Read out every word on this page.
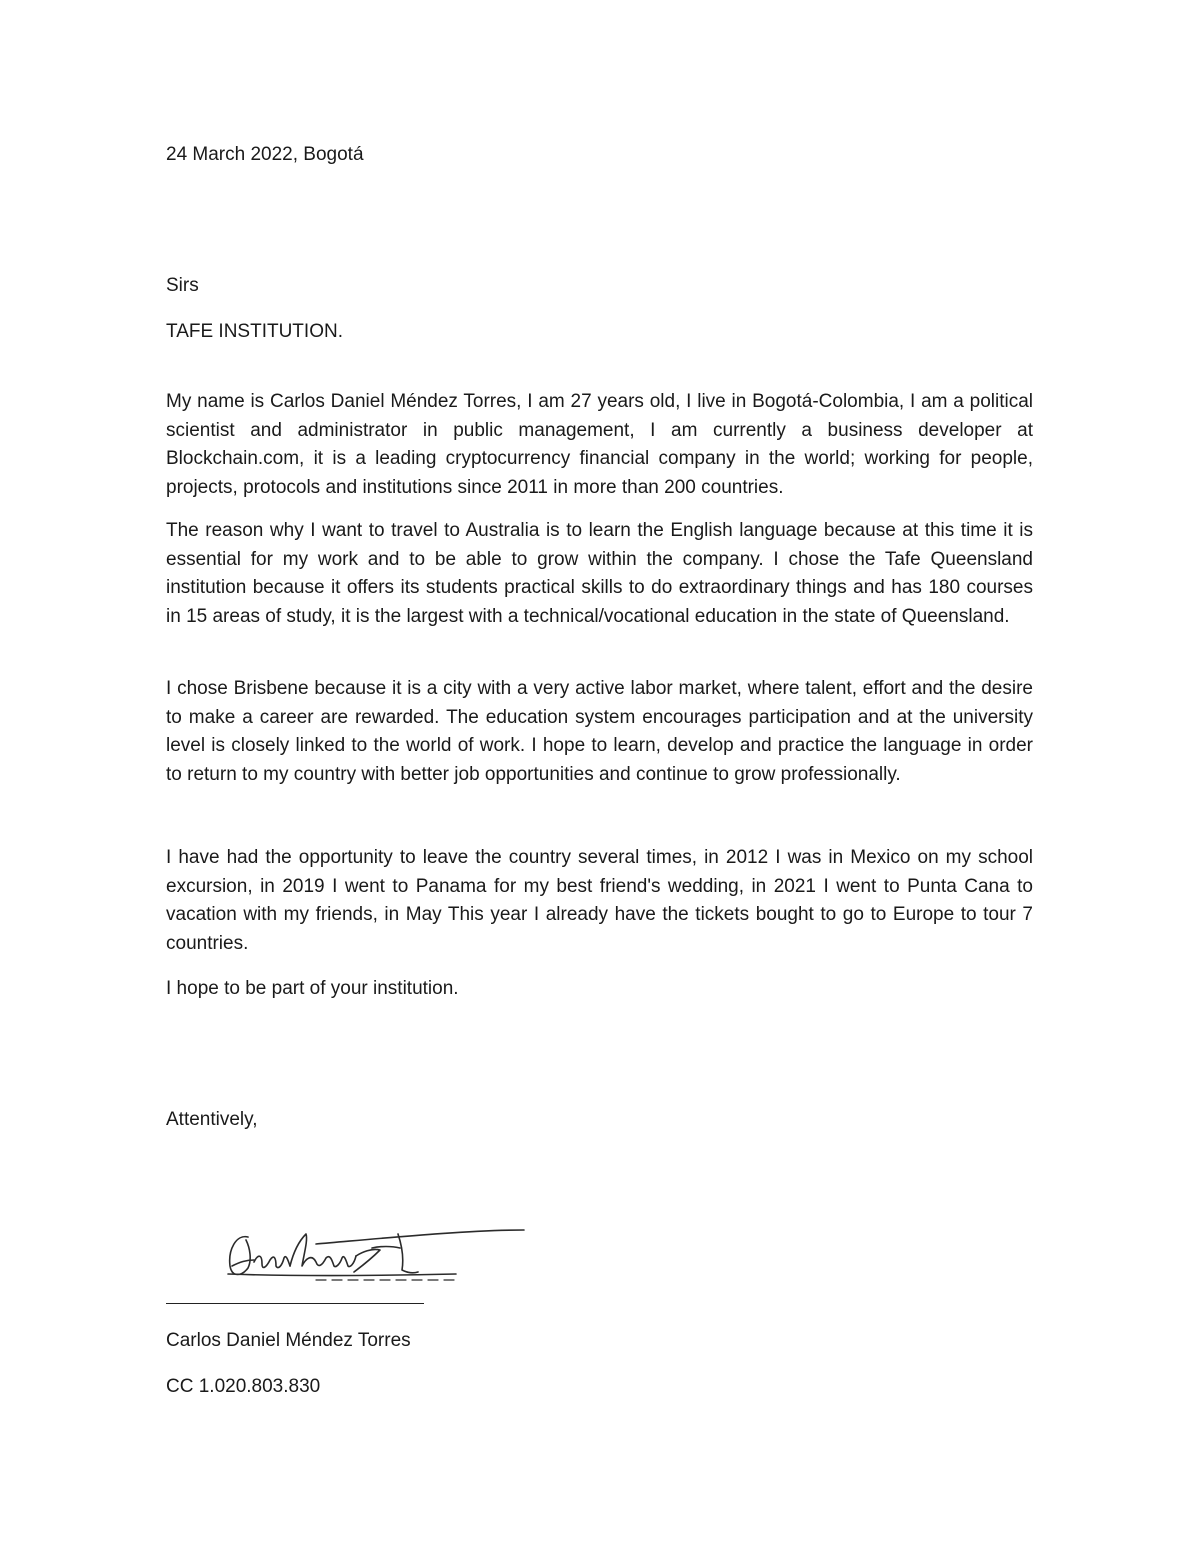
24 March 2022, Bogotá
Sirs
TAFE INSTITUTION.
My name is Carlos Daniel Méndez Torres, I am 27 years old, I live in Bogotá-Colombia, I am a political scientist and administrator in public management, I am currently a business developer at Blockchain.com, it is a leading cryptocurrency financial company in the world; working for people, projects, protocols and institutions since 2011 in more than 200 countries.
The reason why I want to travel to Australia is to learn the English language because at this time it is essential for my work and to be able to grow within the company. I chose the Tafe Queensland institution because it offers its students practical skills to do extraordinary things and has 180 courses in 15 areas of study, it is the largest with a technical/vocational education in the state of Queensland.
I chose Brisbene because it is a city with a very active labor market, where talent, effort and the desire to make a career are rewarded. The education system encourages participation and at the university level is closely linked to the world of work. I hope to learn, develop and practice the language in order to return to my country with better job opportunities and continue to grow professionally.
I have had the opportunity to leave the country several times, in 2012 I was in Mexico on my school excursion, in 2019 I went to Panama for my best friend's wedding, in 2021 I went to Punta Cana to vacation with my friends, in May This year I already have the tickets bought to go to Europe to tour 7 countries.
I hope to be part of your institution.
Attentively,
Carlos Daniel Méndez Torres
CC 1.020.803.830
